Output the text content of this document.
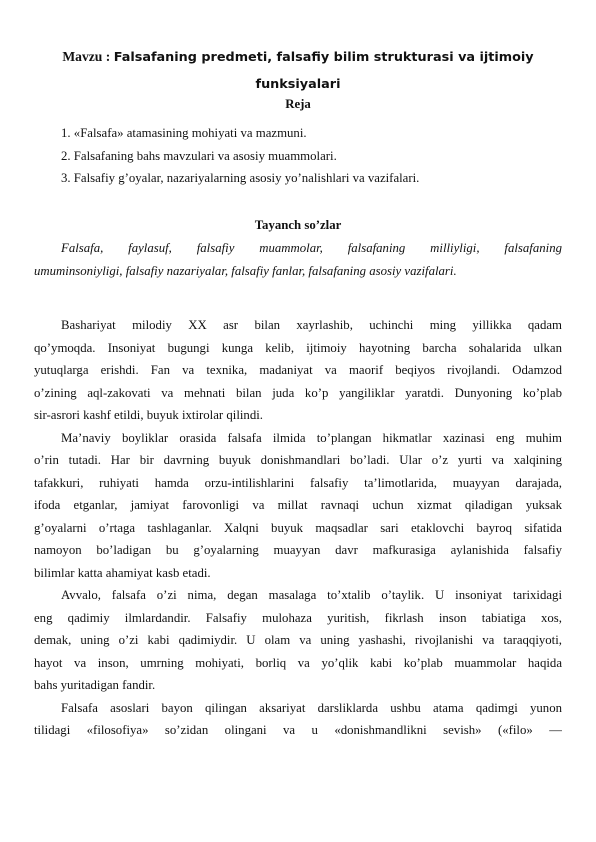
Mavzu : Falsafaning predmeti, falsafiy bilim strukturasi va ijtimoiy
funksiyalari
Reja
1. «Falsafa» atamasining mohiyati va mazmuni.
2. Falsafaning bahs mavzulari va asosiy muammolari.
3. Falsafiy g’oyalar, nazariyalarning asosiy yo’nalishlari va vazifalari.
Tayanch so’zlar
Falsafa, faylasuf, falsafiy muammolar, falsafaning milliyligi, falsafaning
umuminsoniyligi, falsafiy nazariyalar, falsafiy fanlar, falsafaning asosiy vazifalari.
Bashariyat milodiy XX asr bilan xayrlashib, uchinchi ming yillikka qadam
qo’ymoqda. Insoniyat bugungi kunga kelib, ijtimoiy hayotning barcha sohalarida ulkan
yutuqlarga erishdi. Fan va texnika, madaniyat va maorif beqiyos rivojlandi. Odamzod
o’zining aql-zakovati va mehnati bilan juda ko’p yangiliklar yaratdi. Dunyoning ko’plab
sir-asrori kashf etildi, buyuk ixtirolar qilindi.
Ma’naviy boyliklar orasida falsafa ilmida to’plangan hikmatlar xazinasi eng muhim
o’rin tutadi. Har bir davrning buyuk donishmandlari bo’ladi. Ular o’z yurti va xalqining
tafakkuri, ruhiyati hamda orzu-intilishlarini falsafiy ta’limotlarida, muayyan darajada,
ifoda etganlar, jamiyat farovonligi va millat ravnaqi uchun xizmat qiladigan yuksak
g’oyalarni o’rtaga tashlaganlar. Xalqni buyuk maqsadlar sari etaklovchi bayroq sifatida
namoyon bo’ladigan bu g’oyalarning muayyan davr mafkurasiga aylanishida falsafiy
bilimlar katta ahamiyat kasb etadi.
Avvalo, falsafa o’zi nima, degan masalaga to’xtalib o’taylik. U insoniyat tarixidagi
eng qadimiy ilmlardandir. Falsafiy mulohaza yuritish, fikrlash inson tabiatiga xos,
demak, uning o’zi kabi qadimiydir. U olam va uning yashashi, rivojlanishi va taraqqiyoti,
hayot va inson, umrning mohiyati, borliq va yo’qlik kabi ko’plab muammolar haqida
bahs yuritadigan fandir.
Falsafa asoslari bayon qilingan aksariyat darsliklarda ushbu atama qadimgi yunon
tilidagi «filosofiya» so’zidan olingani va u «donishmandlikni sevish» («filo» —
